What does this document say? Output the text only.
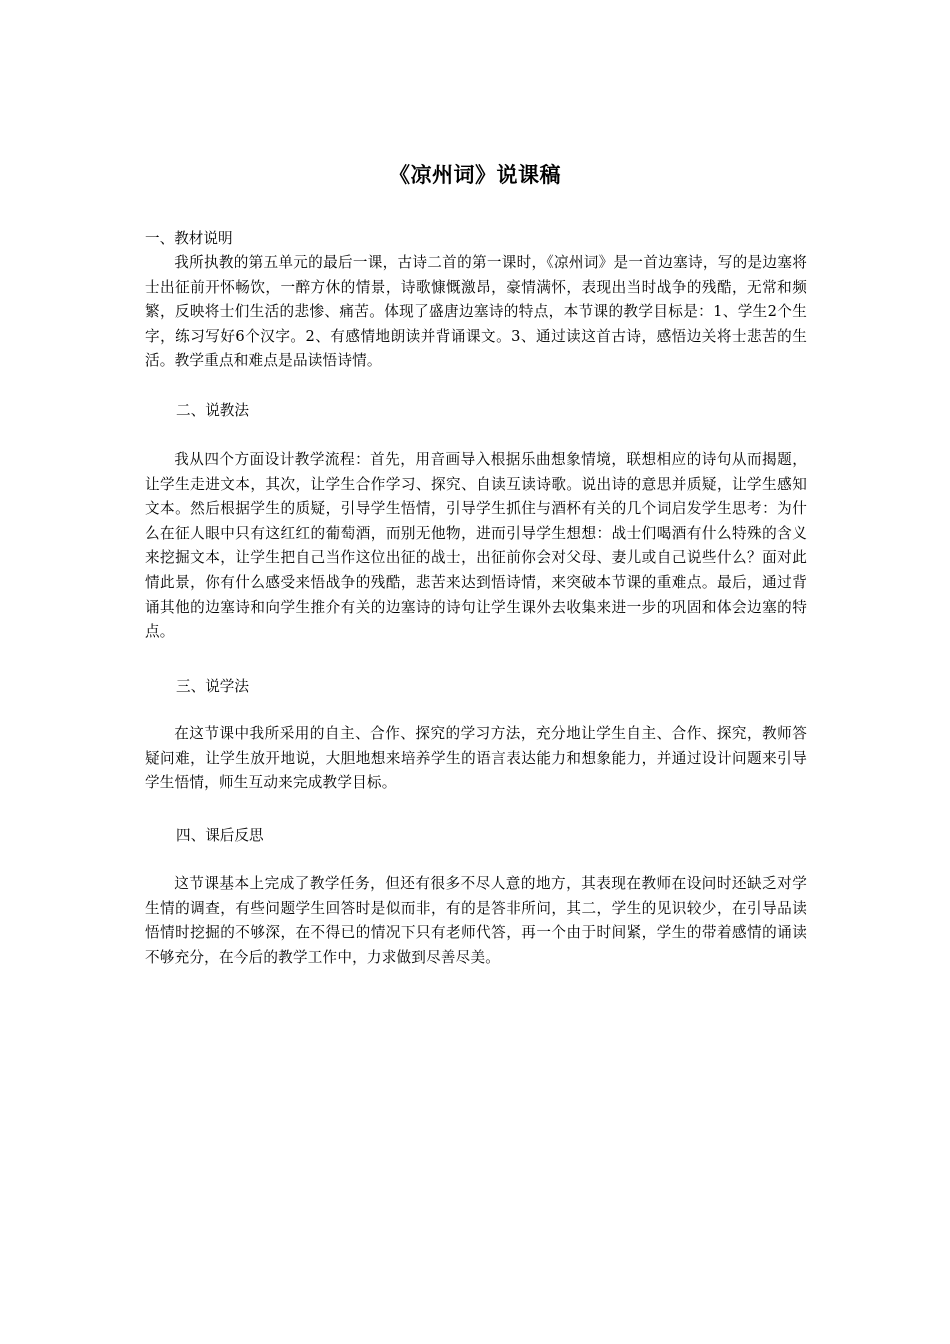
《凉州词》说课稿
一、教材说明

我所执教的第五单元的最后一课，古诗二首的第一课时，《凉州词》是一首边塞诗，写的是边塞将士出征前开怀畅饮，一醉方休的情景，诗歌慷慨激昂，豪情满怀，表现出当时战争的残酷，无常和频繁，反映将士们生活的悲惨、痛苦。体现了盛唐边塞诗的特点，本节课的教学目标是：1、学生2个生字，练习写好6个汉字。2、有感情地朗读并背诵课文。3、通过读这首古诗，感悟边关将士悲苦的生活。教学重点和难点是品读悟诗情。

二、说教法

我从四个方面设计教学流程：首先，用音画导入根据乐曲想象情境，联想相应的诗句从而揭题，让学生走进文本，其次，让学生合作学习、探究、自读互读诗歌。说出诗的意思并质疑，让学生感知文本。然后根据学生的质疑，引导学生悟情，引导学生抓住与酒杯有关的几个词启发学生思考：为什么在征人眼中只有这红红的葡萄酒，而别无他物，进而引导学生想想：战士们喝酒有什么特殊的含义来挖掘文本，让学生把自己当作这位出征的战士，出征前你会对父母、妻儿或自己说些什么？面对此情此景，你有什么感受来悟战争的残酷，悲苦来达到悟诗情，来突破本节课的重难点。最后，通过背诵其他的边塞诗和向学生推介有关的边塞诗的诗句让学生课外去收集来进一步的巩固和体会边塞的特点。

三、说学法

在这节课中我所采用的自主、合作、探究的学习方法，充分地让学生自主、合作、探究，教师答疑问难，让学生放开地说，大胆地想来培养学生的语言表达能力和想象能力，并通过设计问题来引导学生悟情，师生互动来完成教学目标。

四、课后反思

这节课基本上完成了教学任务，但还有很多不尽人意的地方，其表现在教师在设问时还缺乏对学生情的调查，有些问题学生回答时是似而非，有的是答非所问，其二，学生的见识较少，在引导品读悟情时挖掘的不够深，在不得已的情况下只有老师代答，再一个由于时间紧，学生的带着感情的诵读不够充分，在今后的教学工作中，力求做到尽善尽美。
